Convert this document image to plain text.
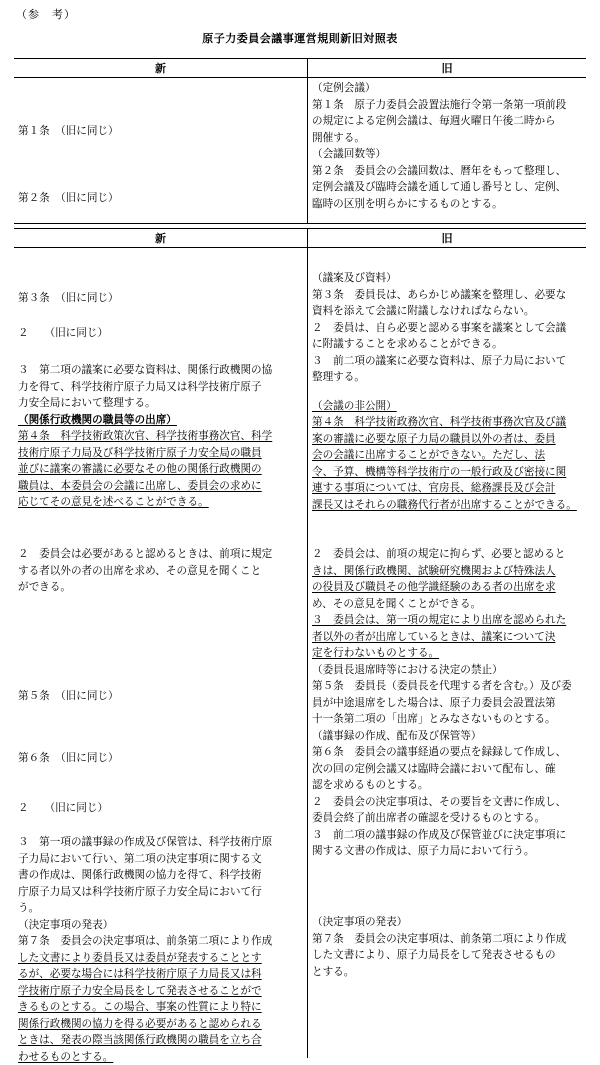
（参　考）
原子力委員会議事運営規則新旧対照表
新	旧
第１条　（旧に同じ）
第２条　（旧に同じ）
（定例会議）
第１条　原子力委員会設置法施行令第一条第一項前段
の規定による定例会議は、毎週火曜日午後二時から
開催する。
（会議回数等）
第２条　委員会の会議回数は、暦年をもって整理し、
定例会議及び臨時会議を通して通し番号とし、定例、
臨時の区別を明らかにするものとする。
新	旧
第３条　（旧に同じ）
２　　（旧に同じ）
３　第二項の議案に必要な資料は、関係行政機関の協
力を得て、科学技術庁原子力局又は科学技術庁原子
力安全局において整理する。
（関係行政機関の職員等の出席）
第４条　科学技術政策次官、科学技術事務次官、科学
技術庁原子力局及び科学技術庁原子力安全局の職員
並びに議案の審議に必要なその他の関係行政機関の
職員は、本委員会の会議に出席し、委員会の求めに
応じてその意見を述べることができる。
２　委員会は必要があると認めるときは、前項に規定
する者以外の者の出席を求め、その意見を聞くこと
ができる。
第５条　（旧に同じ）
第６条　（旧に同じ）
２　　（旧に同じ）
３　第一項の議事録の作成及び保管は、科学技術庁原
子力局において行い、第二項の決定事項に関する文
書の作成は、関係行政機関の協力を得て、科学技術
庁原子力局又は科学技術庁原子力安全局において行
う。
（決定事項の発表）
第７条　委員会の決定事項は、前条第二項により作成
した文書により委員長又は委員が発表することとす
るが、必要な場合には科学技術庁原子力局長又は科
学技術庁原子力安全局長をして発表させることがで
きるものとする。この場合、事案の性質により特に
関係行政機関の協力を得る必要があると認められる
ときは、発表の際当該関係行政機関の職員を立ち合
わせるものとする。
（議案及び資料）
第３条　委員長は、あらかじめ議案を整理し、必要な
資料を添えて会議に附議しなければならない。
２　委員は、自ら必要と認める事案を議案として会議
に附議することを求めることができる。
３　前二項の議案に必要な資料は、原子力局において
整理する。
（会議の非公開）
第４条　科学技術政務次官、科学技術事務次官及び議
案の審議に必要な原子力局の職員以外の者は、委員
会の会議に出席することができない。ただし、法
令、予算、機構等科学技術庁の一般行政及び密接に関
連する事項については、官房長、総務課長及び会計
課長又はそれらの職務代行者が出席することができる。
２　委員会は、前項の規定に拘らず、必要と認めると
きは、関係行政機関、試験研究機関および特殊法人
の役員及び職員その他学識経験のある者の出席を求
め、その意見を聞くことができる。
３　委員会は、第一項の規定により出席を認められた
者以外の者が出席しているときは、議案について決
定を行わないものとする。
（委員長退席時等における決定の禁止）
第５条　委員長（委員長を代理する者を含む。）及び委
員が中途退席をした場合は、原子力委員会設置法第
十一条第二項の「出席」とみなさないものとする。
（議事録の作成、配布及び保管等）
第６条　委員会の議事経過の要点を録録して作成し、
次の回の定例会議又は臨時会議において配布し、確
認を求めるものとする。
２　委員会の決定事項は、その要旨を文書に作成し、
委員会終了前出席者の確認を受けるものとする。
３　前二項の議事録の作成及び保管並びに決定事項に
関する文書の作成は、原子力局において行う。
（決定事項の発表）
第７条　委員会の決定事項は、前条第二項により作成
した文書により、原子力局長をして発表させるもの
とする。
